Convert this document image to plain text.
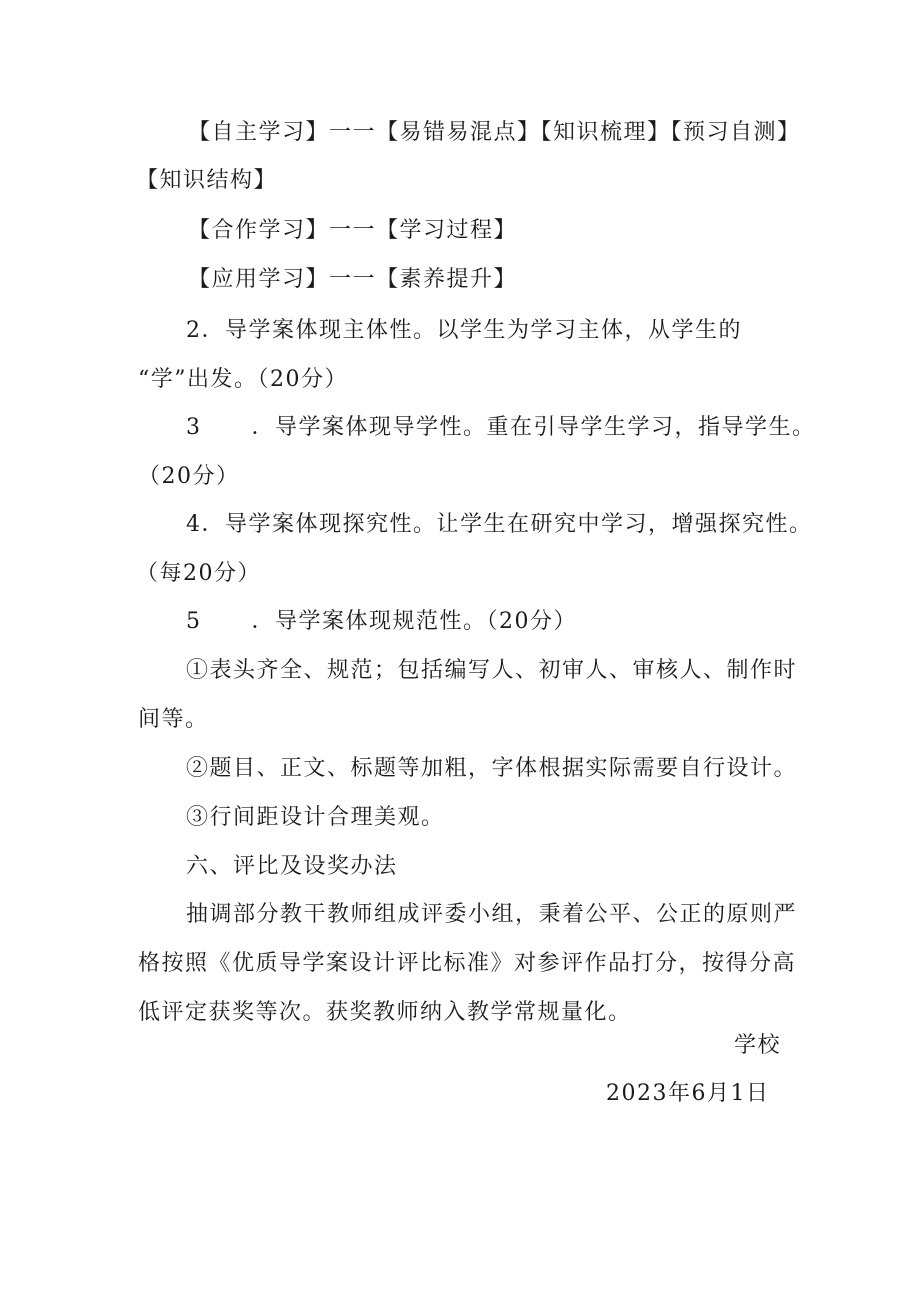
【自主学习】一一【易错易混点】【知识梳理】【预习自测】
【知识结构】
【合作学习】一一【学习过程】
【应用学习】一一【素养提升】
2．导学案体现主体性。以学生为学习主体，从学生的
“学”出发。（20分）
3 ．导学案体现导学性。重在引导学生学习，指导学生。
（20分）
4．导学案体现探究性。让学生在研究中学习，增强探究性。
（每20分）
5 ．导学案体现规范性。（20分）
①表头齐全、规范；包括编写人、初审人、审核人、制作时
间等。
②题目、正文、标题等加粗，字体根据实际需要自行设计。
③行间距设计合理美观。
六、评比及设奖办法
抽调部分教干教师组成评委小组，秉着公平、公正的原则严
格按照《优质导学案设计评比标准》对参评作品打分，按得分高
低评定获奖等次。获奖教师纳入教学常规量化。
学校
2023年6月1日
